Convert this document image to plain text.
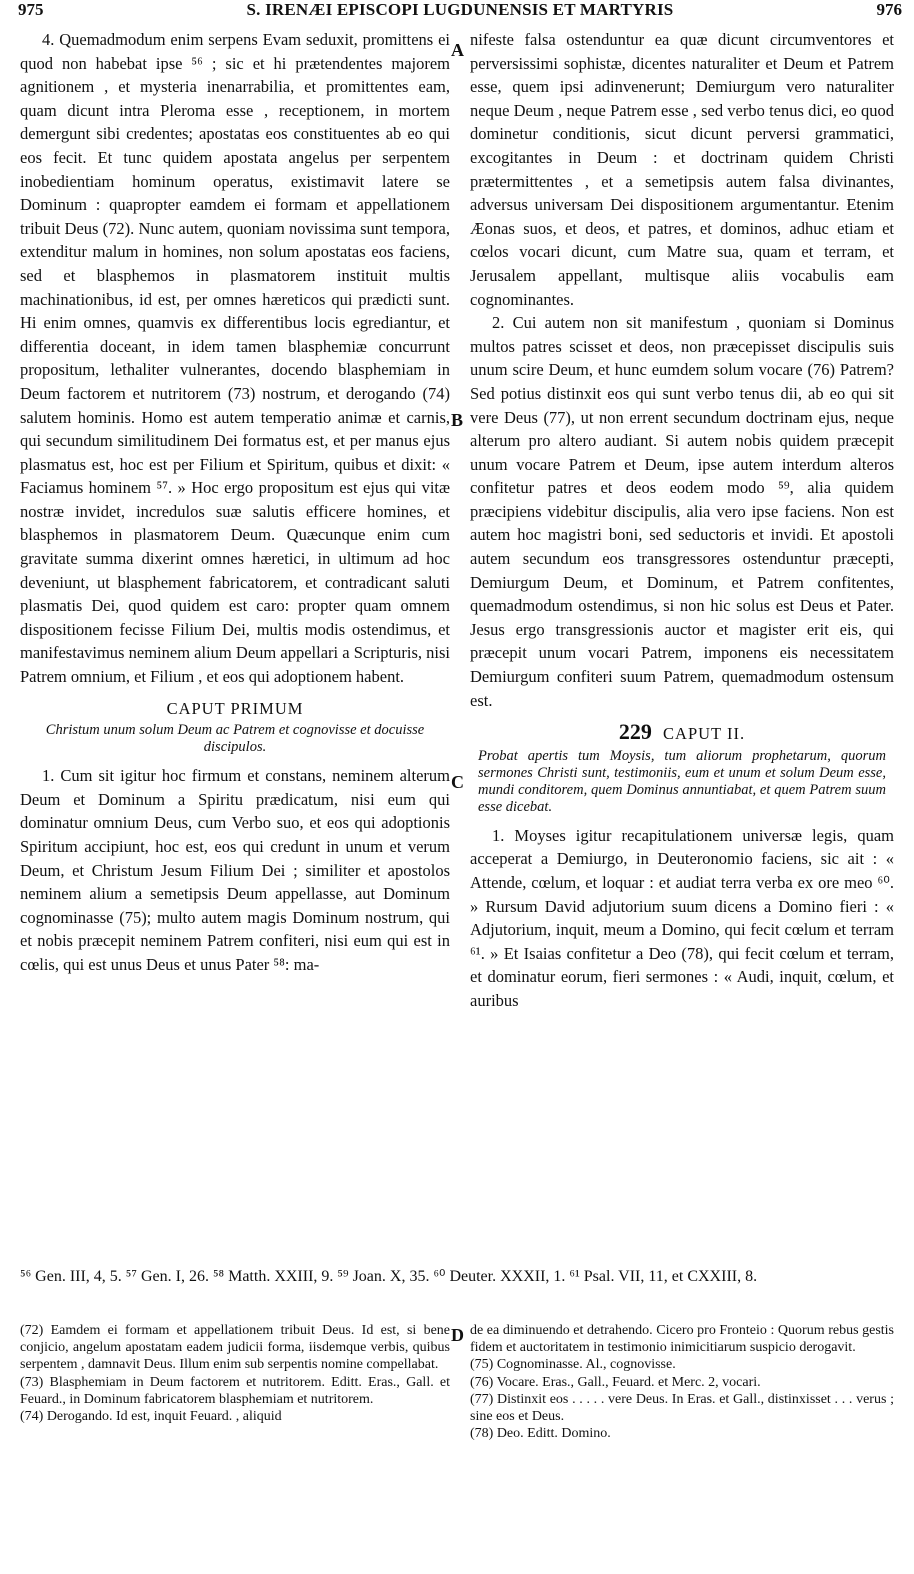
975	S. IRENÆI EPISCOPI LUGDUNENSIS ET MARTYRIS	976
A
B
C
D

4. Quemadmodum enim serpens Evam seduxit, promittens ei quod non habebat ipse ⁵⁶ ; sic et hi prætendentes majorem agnitionem , et mysteria inenarrabilia, et promittentes eam, quam dicunt intra Pleroma esse , receptionem, in mortem demergunt sibi credentes; apostatas eos constituentes ab eo qui eos fecit. Et tunc quidem apostata angelus per serpentem inobedientiam hominum operatus, existimavit latere se Dominum : quapropter eamdem ei formam et appellationem tribuit Deus (72). Nunc autem, quoniam novissima sunt tempora, extenditur malum in homines, non solum apostatas eos faciens, sed et blasphemos in plasmatorem instituit multis machinationibus, id est, per omnes hæreticos qui prædicti sunt. Hi enim omnes, quamvis ex differentibus locis egrediantur, et differentia doceant, in idem tamen blasphemiæ concurrunt propositum, lethaliter vulnerantes, docendo blasphemiam in Deum factorem et nutritorem (73) nostrum, et derogando (74) salutem hominis. Homo est autem temperatio animæ et carnis, qui secundum similitudinem Dei formatus est, et per manus ejus plasmatus est, hoc est per Filium et Spiritum, quibus et dixit: « Faciamus hominem ⁵⁷. » Hoc ergo propositum est ejus qui vitæ nostræ invidet, incredulos suæ salutis efficere homines, et blasphemos in plasmatorem Deum. Quæcunque enim cum gravitate summa dixerint omnes hæretici, in ultimum ad hoc deveniunt, ut blasphement fabricatorem, et contradicant saluti plasmatis Dei, quod quidem est caro: propter quam omnem dispositionem fecisse Filium Dei, multis modis ostendimus, et manifestavimus neminem alium Deum appellari a Scripturis, nisi Patrem omnium, et Filium , et eos qui adoptionem habent.

CAPUT PRIMUM
Christum unum solum Deum ac Patrem et cognovisse et docuisse discipulos.

1. Cum sit igitur hoc firmum et constans, neminem alterum Deum et Dominum a Spiritu prædicatum, nisi eum qui dominatur omnium Deus, cum Verbo suo, et eos qui adoptionis Spiritum accipiunt, hoc est, eos qui credunt in unum et verum Deum, et Christum Jesum Filium Dei ; similiter et apostolos neminem alium a semetipsis Deum appellasse, aut Dominum cognominasse (75); multo autem magis Dominum nostrum, qui et nobis præcepit neminem Patrem confiteri, nisi eum qui est in cœlis, qui est unus Deus et unus Pater ⁵⁸: ma-

nifeste falsa ostenduntur ea quæ dicunt circumventores et perversissimi sophistæ, dicentes naturaliter et Deum et Patrem esse, quem ipsi adinvenerunt; Demiurgum vero naturaliter neque Deum , neque Patrem esse , sed verbo tenus dici, eo quod dominetur conditionis, sicut dicunt perversi grammatici, excogitantes in Deum : et doctrinam quidem Christi prætermittentes , et a semetipsis autem falsa divinantes, adversus universam Dei dispositionem argumentantur. Etenim Æonas suos, et deos, et patres, et dominos, adhuc etiam et cœlos vocari dicunt, cum Matre sua, quam et terram, et Jerusalem appellant, multisque aliis vocabulis eam cognominantes.

2. Cui autem non sit manifestum , quoniam si Dominus multos patres scisset et deos, non præcepisset discipulis suis unum scire Deum, et hunc eumdem solum vocare (76) Patrem? Sed potius distinxit eos qui sunt verbo tenus dii, ab eo qui sit vere Deus (77), ut non errent secundum doctrinam ejus, neque alterum pro altero audiant. Si autem nobis quidem præcepit unum vocare Patrem et Deum, ipse autem interdum alteros confitetur patres et deos eodem modo ⁵⁹, alia quidem præcipiens videbitur discipulis, alia vero ipse faciens. Non est autem hoc magistri boni, sed seductoris et invidi. Et apostoli autem secundum eos transgressores ostenduntur præcepti, Demiurgum Deum, et Dominum, et Patrem confitentes, quemadmodum ostendimus, si non hic solus est Deus et Pater. Jesus ergo transgressionis auctor et magister erit eis, qui præcepit unum vocari Patrem, imponens eis necessitatem Demiurgum confiteri suum Patrem, quemadmodum ostensum est.

229 CAPUT II.
Probat apertis tum Moysis, tum aliorum prophetarum, quorum sermones Christi sunt, testimoniis, eum et unum et solum Deum esse, mundi conditorem, quem Dominus annuntiabat, et quem Patrem suum esse dicebat.

1. Moyses igitur recapitulationem universæ legis, quam acceperat a Demiurgo, in Deuteronomio faciens, sic ait : « Attende, cœlum, et loquar : et audiat terra verba ex ore meo ⁶⁰. » Rursum David adjutorium suum dicens a Domino fieri : « Adjutorium, inquit, meum a Domino, qui fecit cœlum et terram ⁶¹. » Et Isaias confitetur a Deo (78), qui fecit cœlum et terram, et dominatur eorum, fieri sermones : « Audi, inquit, cœlum, et auribus

⁵⁶ Gen. III, 4, 5. ⁵⁷ Gen. I, 26. ⁵⁸ Matth. XXIII, 9. ⁵⁹ Joan. X, 35. ⁶⁰ Deuter. XXXII, 1. ⁶¹ Psal. VII, 11, et CXXIII, 8.

(72) Eamdem ei formam et appellationem tribuit Deus. Id est, si bene conjicio, angelum apostatam eadem judicii forma, iisdemque verbis, quibus serpentem , damnavit Deus. Illum enim sub serpentis nomine compellabat.

(73) Blasphemiam in Deum factorem et nutritorem. Editt. Eras., Gall. et Feuard., in Dominum fabricatorem blasphemiam et nutritorem.

(74) Derogando. Id est, inquit Feuard. , aliquid

de ea diminuendo et detrahendo. Cicero pro Fronteio : Quorum rebus gestis fidem et auctoritatem in testimonio inimicitiarum suspicio derogavit.

(75) Cognominasse. Al., cognovisse.

(76) Vocare. Eras., Gall., Feuard. et Merc. 2, vocari.

(77) Distinxit eos . . . . . vere Deus. In Eras. et Gall., distinxisset . . . verus ; sine eos et Deus.

(78) Deo. Editt. Domino.
